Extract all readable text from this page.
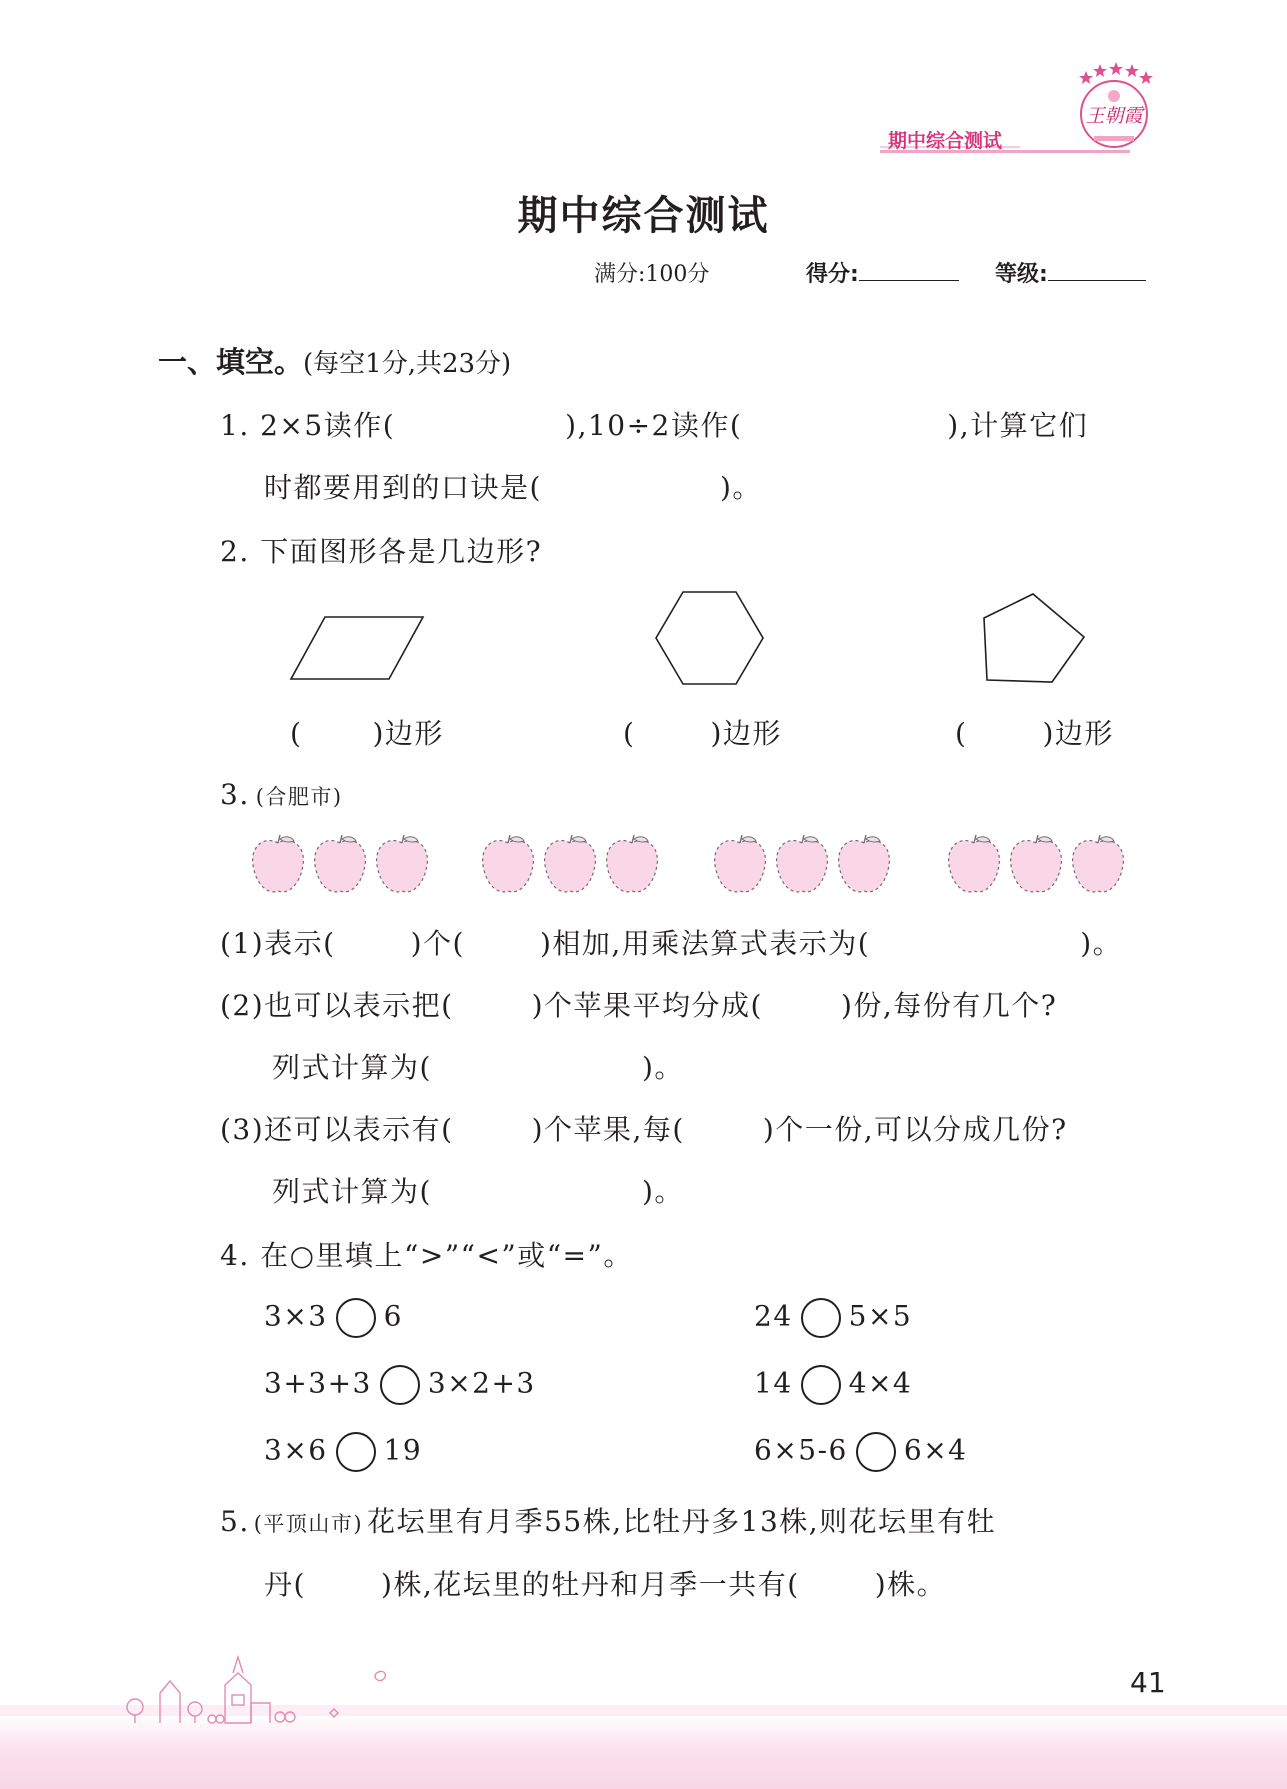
期中综合测试
王朝霞
期中综合测试
满分:100分	得分:	等级:
一、填空。(每空1分,共23分)
1. 2×5读作(	),10÷2读作(	),计算它们
时都要用到的口诀是(	)。
2. 下面图形各是几边形?
(	)边形	(	)边形	(	)边形
3. (合肥市)
(1)表示(	)个(	)相加,用乘法算式表示为(	)。
(2)也可以表示把(	)个苹果平均分成(	)份,每份有几个?
列式计算为(	)。
(3)还可以表示有(	)个苹果,每(	)个一份,可以分成几份?
列式计算为(	)。
4. 在○里填上“>”“<”或“=”。
3×3 6	24 5×5
3+3+3 3×2+3	14 4×4
3×6 19	6×5-6 6×4
5. (平顶山市) 花坛里有月季55株,比牡丹多13株,则花坛里有牡
丹(	)株,花坛里的牡丹和月季一共有(	)株。
41
